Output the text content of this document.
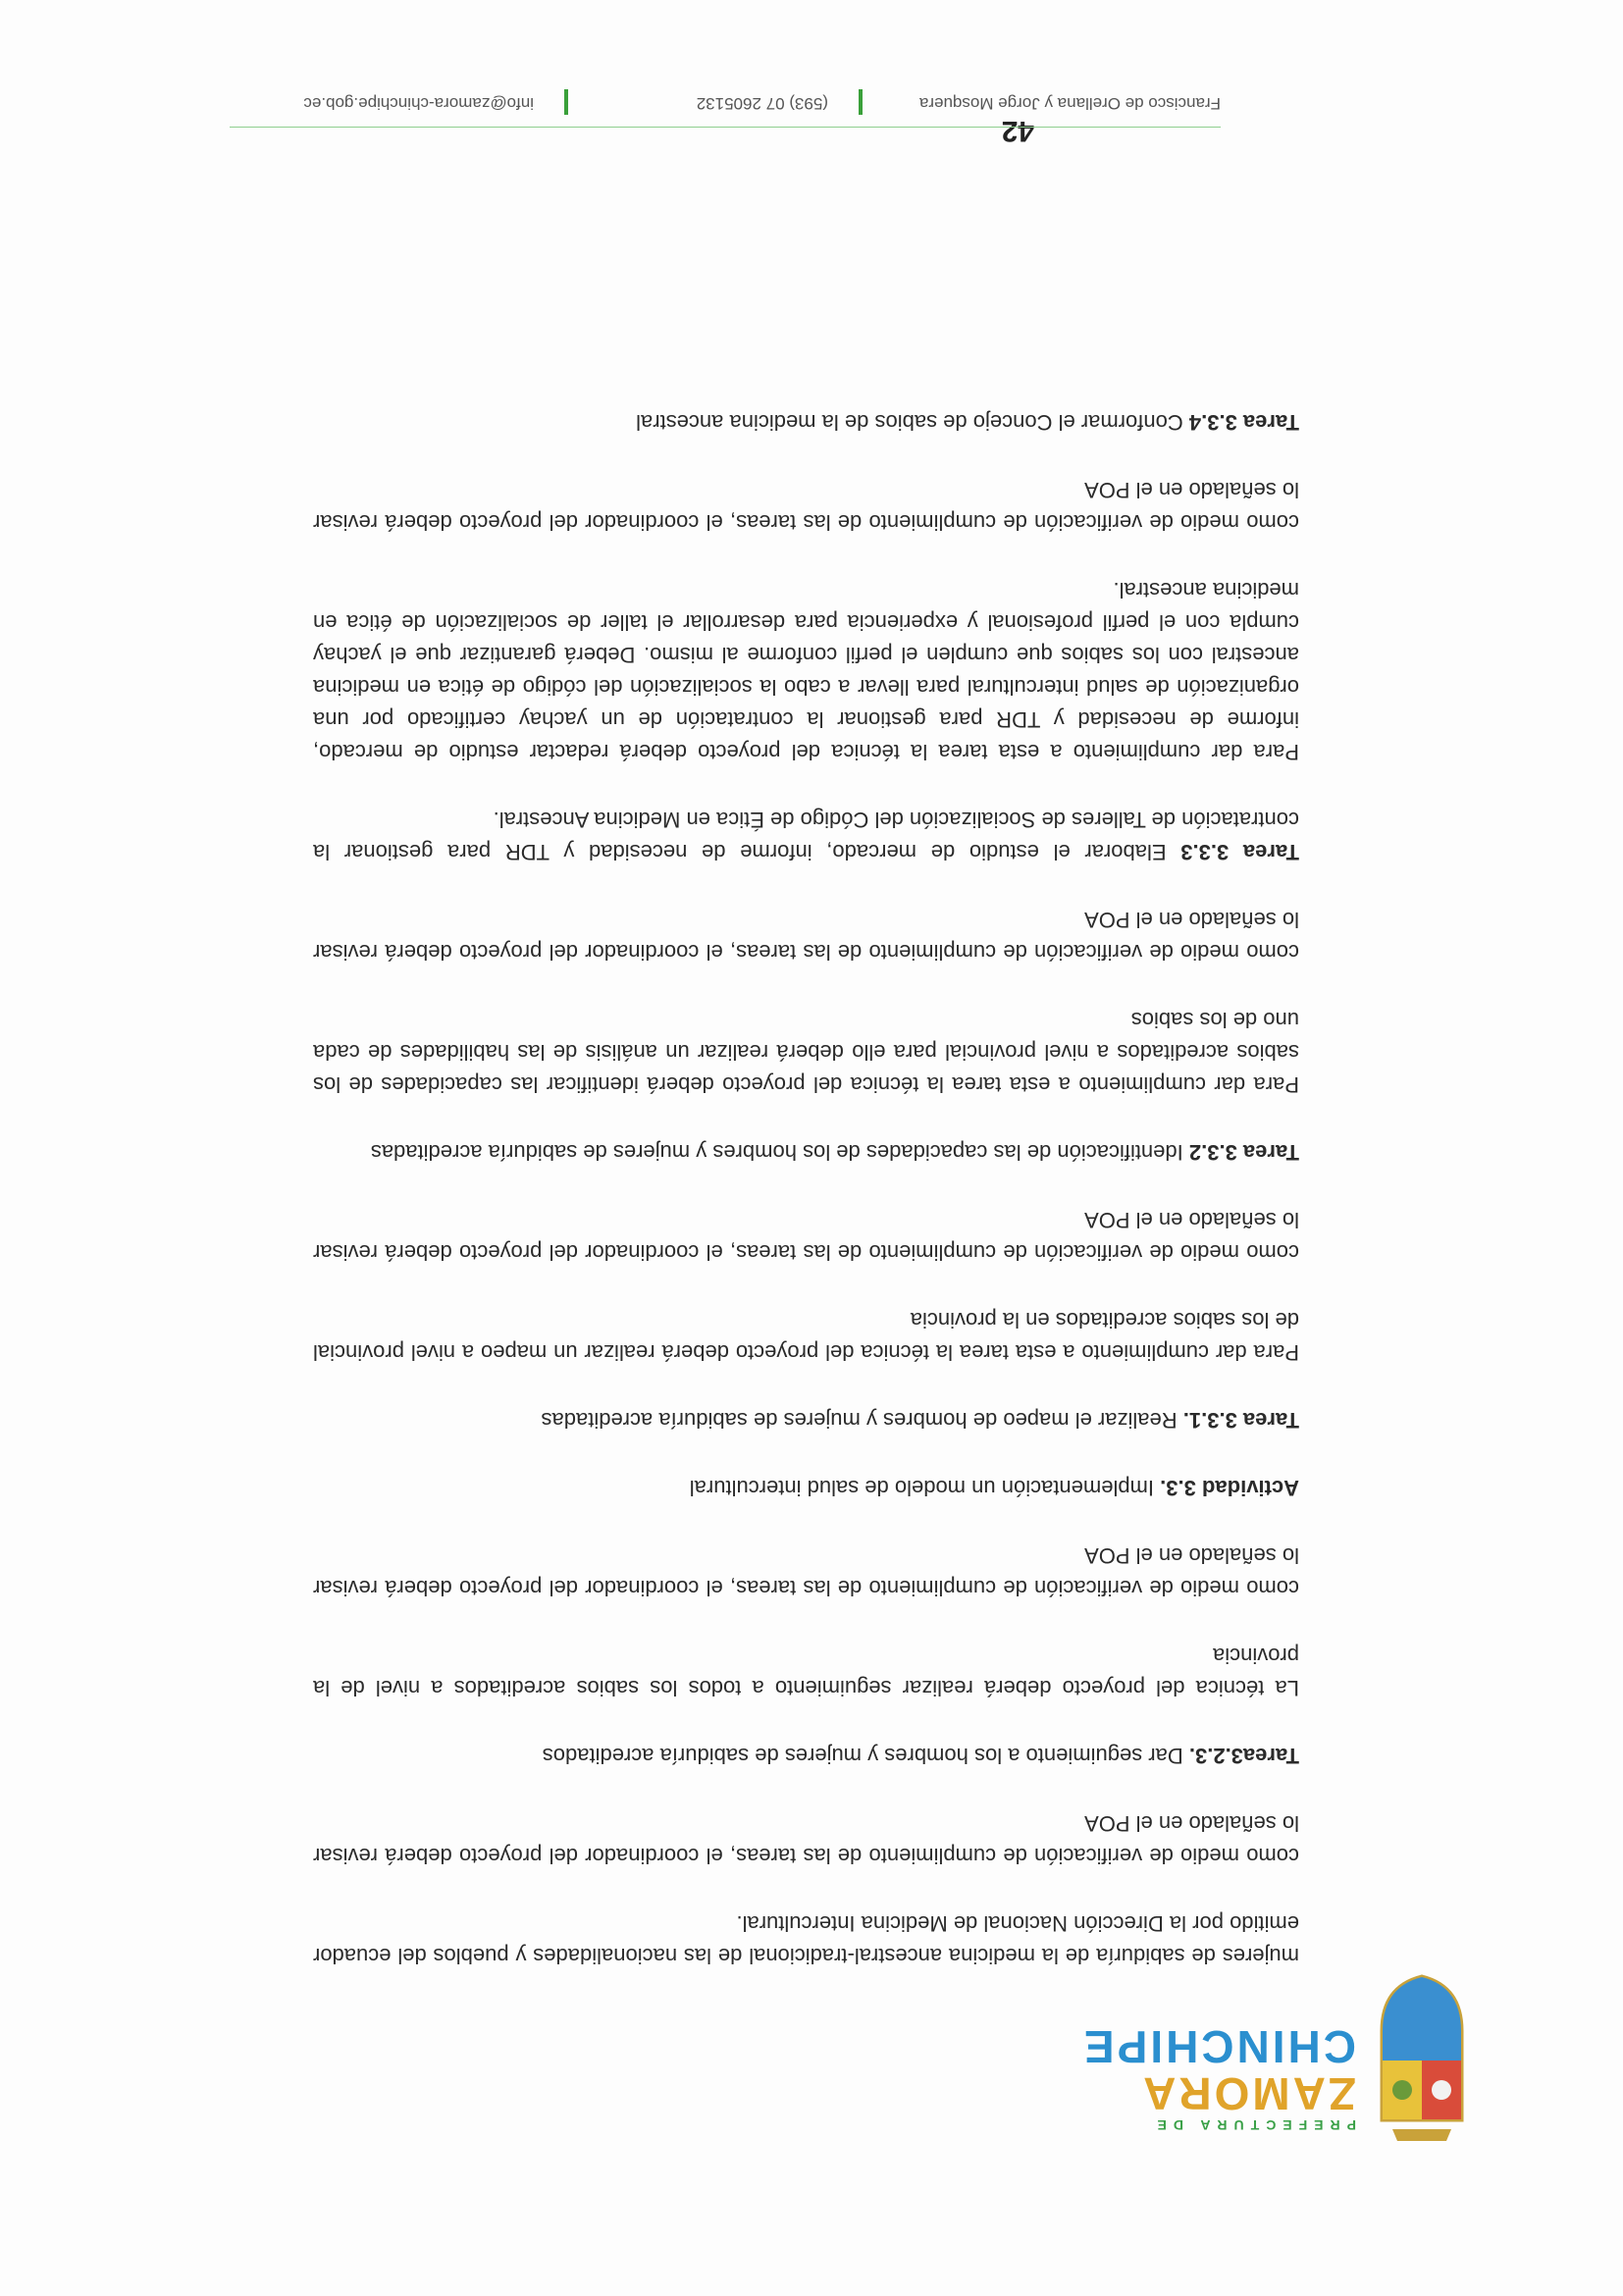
PREFECTURA DE
ZAMORA
CHINCHIPE

mujeres de sabiduría de la medicina ancestral-tradicional de las nacionalidades y pueblos del ecuador emitido por la Dirección Nacional de Medicina Intercultural.

como medio de verificación de cumplimiento de las tareas, el coordinador del proyecto deberá revisar lo señalado en el POA

Tarea3.2.3. Dar seguimiento a los hombres y mujeres de sabiduría acreditados

La técnica del proyecto deberá realizar seguimiento a todos los sabios acreditados a nivel de la provincia

como medio de verificación de cumplimiento de las tareas, el coordinador del proyecto deberá revisar lo señalado en el POA

Actividad 3.3. Implementación un modelo de salud intercultural

Tarea 3.3.1. Realizar el mapeo de hombres y mujeres de sabiduría acreditadas

Para dar cumplimiento a esta tarea la técnica del proyecto deberá realizar un mapeo a nivel provincial de los sabios acreditados en la provincia

como medio de verificación de cumplimiento de las tareas, el coordinador del proyecto deberá revisar lo señalado en el POA

Tarea 3.3.2 Identificación de las capacidades de los hombres y mujeres de sabiduría acreditadas

Para dar cumplimiento a esta tarea la técnica del proyecto deberá identificar las capacidades de los sabios acreditados a nivel provincial para ello deberá realizar un análisis de las habilidades de cada uno de los sabios

como medio de verificación de cumplimiento de las tareas, el coordinador del proyecto deberá revisar lo señalado en el POA

Tarea 3.3.3 Elaborar el estudio de mercado, informe de necesidad y TDR para gestionar la contratación de Talleres de Socialización del Código de Ética en Medicina Ancestral.

Para dar cumplimiento a esta tarea la técnica del proyecto deberá redactar estudio de mercado, informe de necesidad y TDR para gestionar la contratación de un yachay certificado por una organización de salud intercultural para llevar a cabo la socialización del código de ética en medicina ancestral con los sabios que cumplen el perfil conforme al mismo. Deberá garantizar que el yachay cumpla con el perfil profesional y experiencia para desarrollar el taller de socialización de ética en medicina ancestral.

como medio de verificación de cumplimiento de las tareas, el coordinador del proyecto deberá revisar lo señalado en el POA

Tarea 3.3.4 Conformar el Concejo de sabios de la medicina ancestral

42
Francisco de Orellana y Jorge Mosquera
(593) 07 2605132
info@zamora-chinchipe.gob.ec
